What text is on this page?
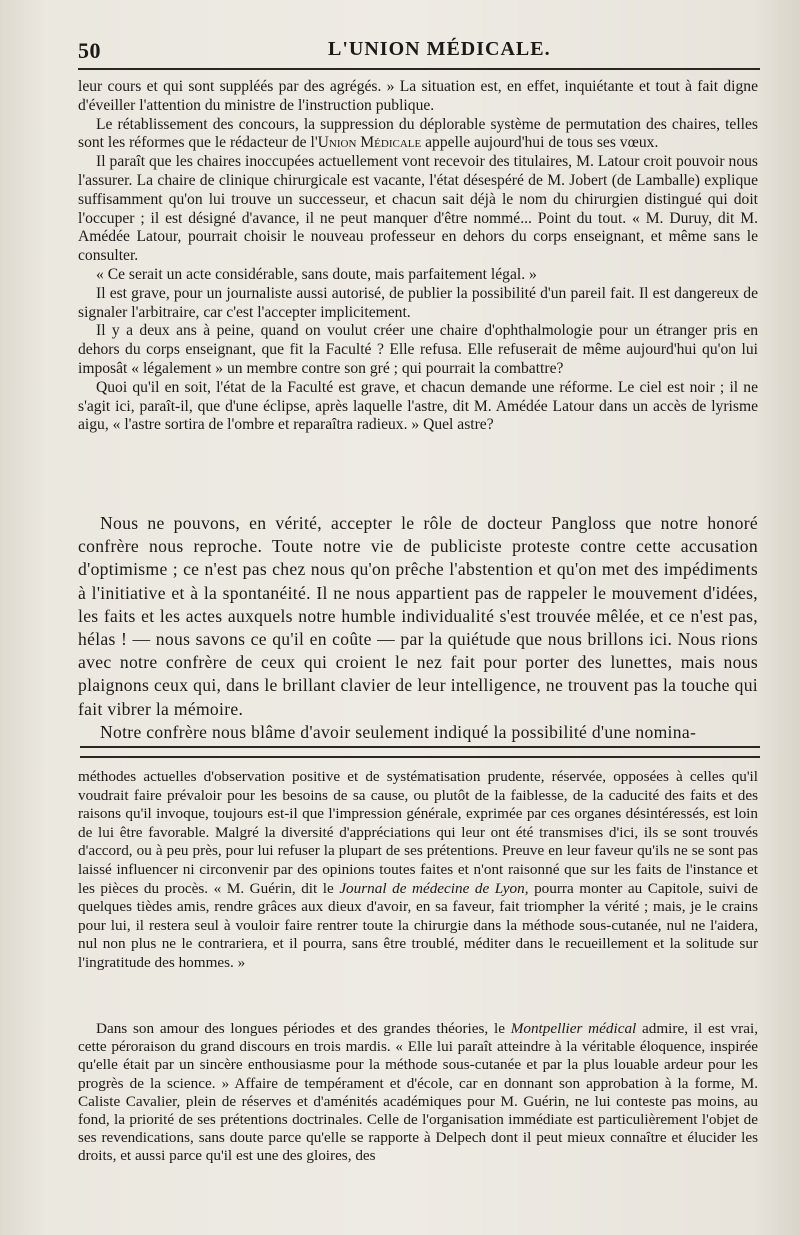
50	L'UNION MÉDICALE.

leur cours et qui sont suppléés par des agrégés. » La situation est, en effet, inquiétante et tout à fait digne d'éveiller l'attention du ministre de l'instruction publique.

Le rétablissement des concours, la suppression du déplorable système de permutation des chaires, telles sont les réformes que le rédacteur de l'Union Médicale appelle aujourd'hui de tous ses vœux.

Il paraît que les chaires inoccupées actuellement vont recevoir des titulaires, M. Latour croit pouvoir nous l'assurer. La chaire de clinique chirurgicale est vacante, l'état désespéré de M. Jobert (de Lamballe) explique suffisamment qu'on lui trouve un successeur, et chacun sait déjà le nom du chirurgien distingué qui doit l'occuper ; il est désigné d'avance, il ne peut manquer d'être nommé... Point du tout. « M. Duruy, dit M. Amédée Latour, pourrait choisir le nouveau professeur en dehors du corps enseignant, et même sans le consulter.

« Ce serait un acte considérable, sans doute, mais parfaitement légal. »

Il est grave, pour un journaliste aussi autorisé, de publier la possibilité d'un pareil fait. Il est dangereux de signaler l'arbitraire, car c'est l'accepter implicitement.

Il y a deux ans à peine, quand on voulut créer une chaire d'ophthalmologie pour un étranger pris en dehors du corps enseignant, que fit la Faculté ? Elle refusa. Elle refuserait de même aujourd'hui qu'on lui imposât « légalement » un membre contre son gré ; qui pourrait la combattre?

Quoi qu'il en soit, l'état de la Faculté est grave, et chacun demande une réforme. Le ciel est noir ; il ne s'agit ici, paraît-il, que d'une éclipse, après laquelle l'astre, dit M. Amédée Latour dans un accès de lyrisme aigu, « l'astre sortira de l'ombre et reparaîtra radieux. » Quel astre?

Nous ne pouvons, en vérité, accepter le rôle de docteur Pangloss que notre honoré confrère nous reproche. Toute notre vie de publiciste proteste contre cette accusation d'optimisme ; ce n'est pas chez nous qu'on prêche l'abstention et qu'on met des impédiments à l'initiative et à la spontanéité. Il ne nous appartient pas de rappeler le mouvement d'idées, les faits et les actes auxquels notre humble individualité s'est trouvée mêlée, et ce n'est pas, hélas ! — nous savons ce qu'il en coûte — par la quiétude que nous brillons ici. Nous rions avec notre confrère de ceux qui croient le nez fait pour porter des lunettes, mais nous plaignons ceux qui, dans le brillant clavier de leur intelligence, ne trouvent pas la touche qui fait vibrer la mémoire.

Notre confrère nous blâme d'avoir seulement indiqué la possibilité d'une nomina-

méthodes actuelles d'observation positive et de systématisation prudente, réservée, opposées à celles qu'il voudrait faire prévaloir pour les besoins de sa cause, ou plutôt de la faiblesse, de la caducité des faits et des raisons qu'il invoque, toujours est-il que l'impression générale, exprimée par ces organes désintéressés, est loin de lui être favorable. Malgré la diversité d'appréciations qui leur ont été transmises d'ici, ils se sont trouvés d'accord, ou à peu près, pour lui refuser la plupart de ses prétentions. Preuve en leur faveur qu'ils ne se sont pas laissé influencer ni circonvenir par des opinions toutes faites et n'ont raisonné que sur les faits de l'instance et les pièces du procès. « M. Guérin, dit le Journal de médecine de Lyon, pourra monter au Capitole, suivi de quelques tièdes amis, rendre grâces aux dieux d'avoir, en sa faveur, fait triompher la vérité ; mais, je le crains pour lui, il restera seul à vouloir faire rentrer toute la chirurgie dans la méthode sous-cutanée, nul ne l'aidera, nul non plus ne le contrariera, et il pourra, sans être troublé, méditer dans le recueillement et la solitude sur l'ingratitude des hommes. »

Dans son amour des longues périodes et des grandes théories, le Montpellier médical admire, il est vrai, cette péroraison du grand discours en trois mardis. « Elle lui paraît atteindre à la véritable éloquence, inspirée qu'elle était par un sincère enthousiasme pour la méthode sous-cutanée et par la plus louable ardeur pour les progrès de la science. » Affaire de tempérament et d'école, car en donnant son approbation à la forme, M. Caliste Cavalier, plein de réserves et d'aménités académiques pour M. Guérin, ne lui conteste pas moins, au fond, la priorité de ses prétentions doctrinales. Celle de l'organisation immédiate est particulièrement l'objet de ses revendications, sans doute parce qu'elle se rapporte à Delpech dont il peut mieux connaître et élucider les droits, et aussi parce qu'il est une des gloires, des
